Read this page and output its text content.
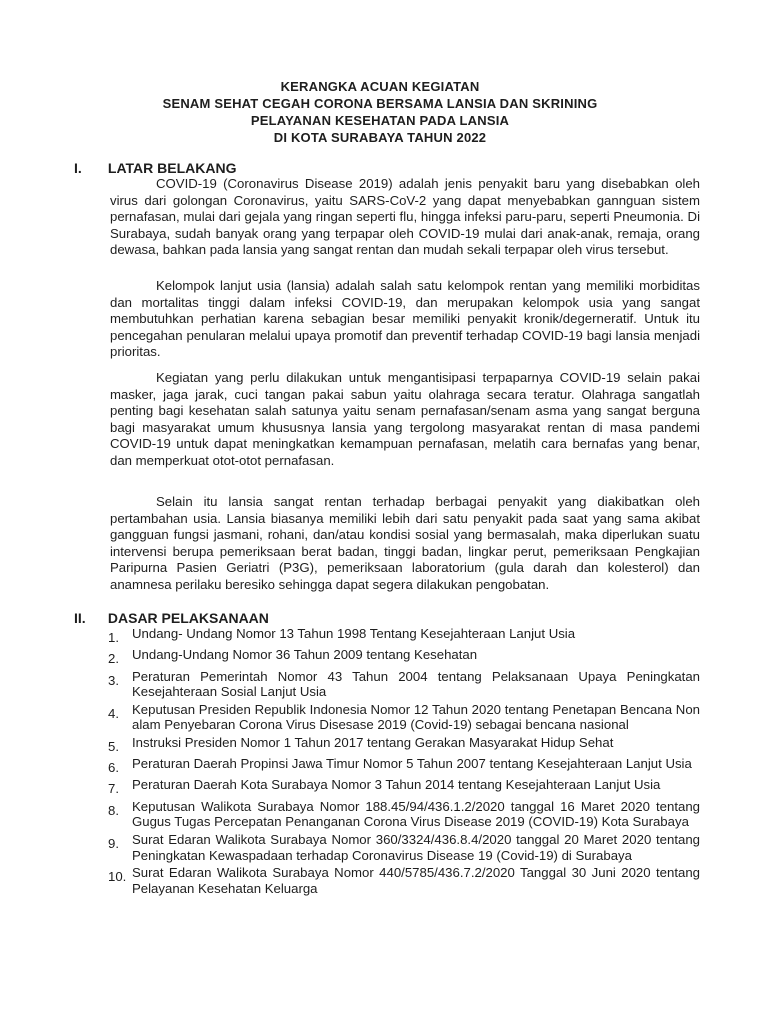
KERANGKA ACUAN KEGIATAN
SENAM SEHAT CEGAH CORONA BERSAMA LANSIA DAN SKRINING
PELAYANAN KESEHATAN PADA LANSIA
DI KOTA SURABAYA TAHUN 2022
I. LATAR BELAKANG

COVID-19 (Coronavirus Disease 2019) adalah jenis penyakit baru yang disebabkan oleh virus dari golongan Coronavirus, yaitu SARS-CoV-2 yang dapat menyebabkan gannguan sistem pernafasan, mulai dari gejala yang ringan seperti flu, hingga infeksi paru-paru, seperti Pneumonia. Di Surabaya, sudah banyak orang yang terpapar oleh COVID-19 mulai dari anak-anak, remaja, orang dewasa, bahkan pada lansia yang sangat rentan dan mudah sekali terpapar oleh virus tersebut.

Kelompok lanjut usia (lansia) adalah salah satu kelompok rentan yang memiliki morbiditas dan mortalitas tinggi dalam infeksi COVID-19, dan merupakan kelompok usia yang sangat membutuhkan perhatian karena sebagian besar memiliki penyakit kronik/degerneratif. Untuk itu pencegahan penularan melalui upaya promotif dan preventif terhadap COVID-19 bagi lansia menjadi prioritas.

Kegiatan yang perlu dilakukan untuk mengantisipasi terpaparnya COVID-19 selain pakai masker, jaga jarak, cuci tangan pakai sabun yaitu olahraga secara teratur. Olahraga sangatlah penting bagi kesehatan salah satunya yaitu senam pernafasan/senam asma yang sangat berguna bagi masyarakat umum khususnya lansia yang tergolong masyarakat rentan di masa pandemi COVID-19 untuk dapat meningkatkan kemampuan pernafasan, melatih cara bernafas yang benar, dan memperkuat otot-otot pernafasan.

Selain itu lansia sangat rentan terhadap berbagai penyakit yang diakibatkan oleh pertambahan usia. Lansia biasanya memiliki lebih dari satu penyakit pada saat yang sama akibat gangguan fungsi jasmani, rohani, dan/atau kondisi sosial yang bermasalah, maka diperlukan suatu intervensi berupa pemeriksaan berat badan, tinggi badan, lingkar perut, pemeriksaan Pengkajian Paripurna Pasien Geriatri (P3G), pemeriksaan laboratorium (gula darah dan kolesterol) dan anamnesa perilaku beresiko sehingga dapat segera dilakukan pengobatan.

II. DASAR PELAKSANAAN
1. Undang- Undang Nomor 13 Tahun 1998 Tentang Kesejahteraan Lanjut Usia
2. Undang-Undang Nomor 36 Tahun 2009 tentang Kesehatan
3. Peraturan Pemerintah Nomor 43 Tahun 2004 tentang Pelaksanaan Upaya Peningkatan Kesejahteraan Sosial Lanjut Usia
4. Keputusan Presiden Republik Indonesia Nomor 12 Tahun 2020 tentang Penetapan Bencana Non alam Penyebaran Corona Virus Disesase 2019 (Covid-19) sebagai bencana nasional
5. Instruksi Presiden Nomor 1 Tahun 2017 tentang Gerakan Masyarakat Hidup Sehat
6. Peraturan Daerah Propinsi Jawa Timur Nomor 5 Tahun 2007 tentang Kesejahteraan Lanjut Usia
7. Peraturan Daerah Kota Surabaya Nomor 3 Tahun 2014 tentang Kesejahteraan Lanjut Usia
8. Keputusan Walikota Surabaya Nomor 188.45/94/436.1.2/2020 tanggal 16 Maret 2020 tentang Gugus Tugas Percepatan Penanganan Corona Virus Disease 2019 (COVID-19) Kota Surabaya
9. Surat Edaran Walikota Surabaya Nomor 360/3324/436.8.4/2020 tanggal 20 Maret 2020 tentang Peningkatan Kewaspadaan terhadap Coronavirus Disease 19 (Covid-19) di Surabaya
10. Surat Edaran Walikota Surabaya Nomor 440/5785/436.7.2/2020 Tanggal 30 Juni 2020 tentang Pelayanan Kesehatan Keluarga
